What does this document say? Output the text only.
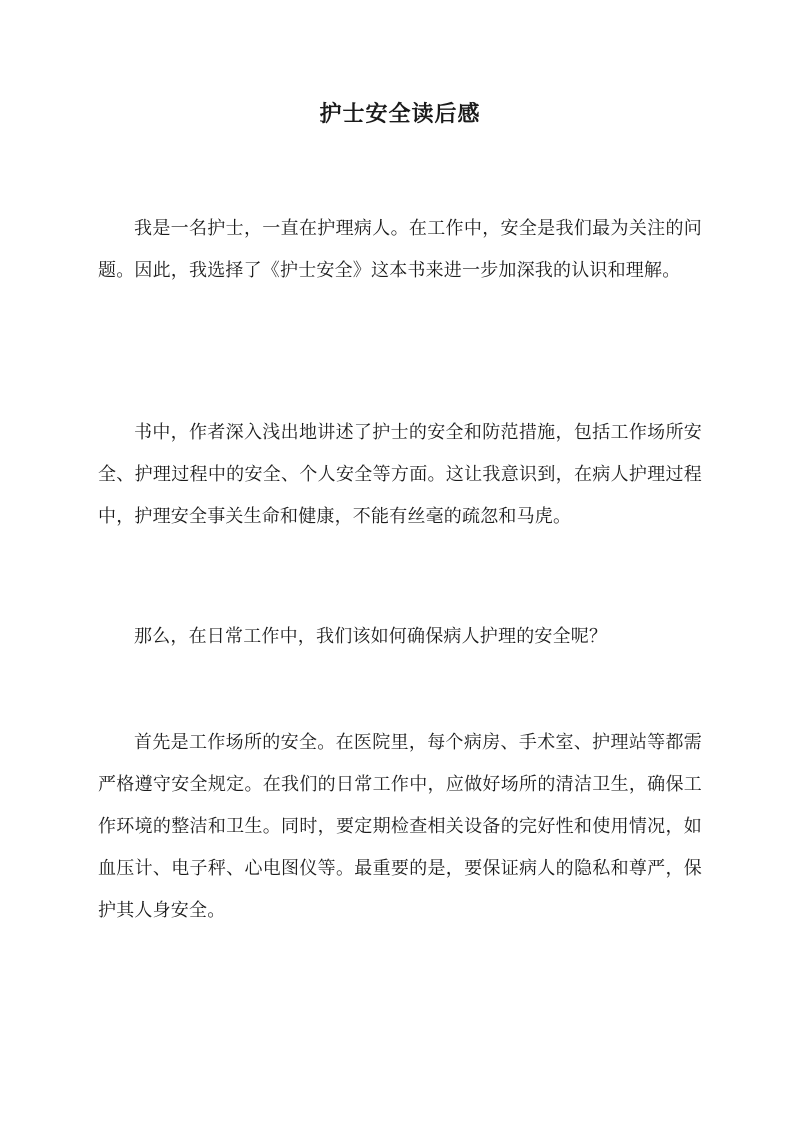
护士安全读后感

我是一名护士，一直在护理病人。在工作中，安全是我们最为关注的问题。因此，我选择了《护士安全》这本书来进一步加深我的认识和理解。

书中，作者深入浅出地讲述了护士的安全和防范措施，包括工作场所安全、护理过程中的安全、个人安全等方面。这让我意识到，在病人护理过程中，护理安全事关生命和健康，不能有丝毫的疏忽和马虎。

那么，在日常工作中，我们该如何确保病人护理的安全呢？

首先是工作场所的安全。在医院里，每个病房、手术室、护理站等都需严格遵守安全规定。在我们的日常工作中，应做好场所的清洁卫生，确保工作环境的整洁和卫生。同时，要定期检查相关设备的完好性和使用情况，如血压计、电子秤、心电图仪等。最重要的是，要保证病人的隐私和尊严，保护其人身安全。
